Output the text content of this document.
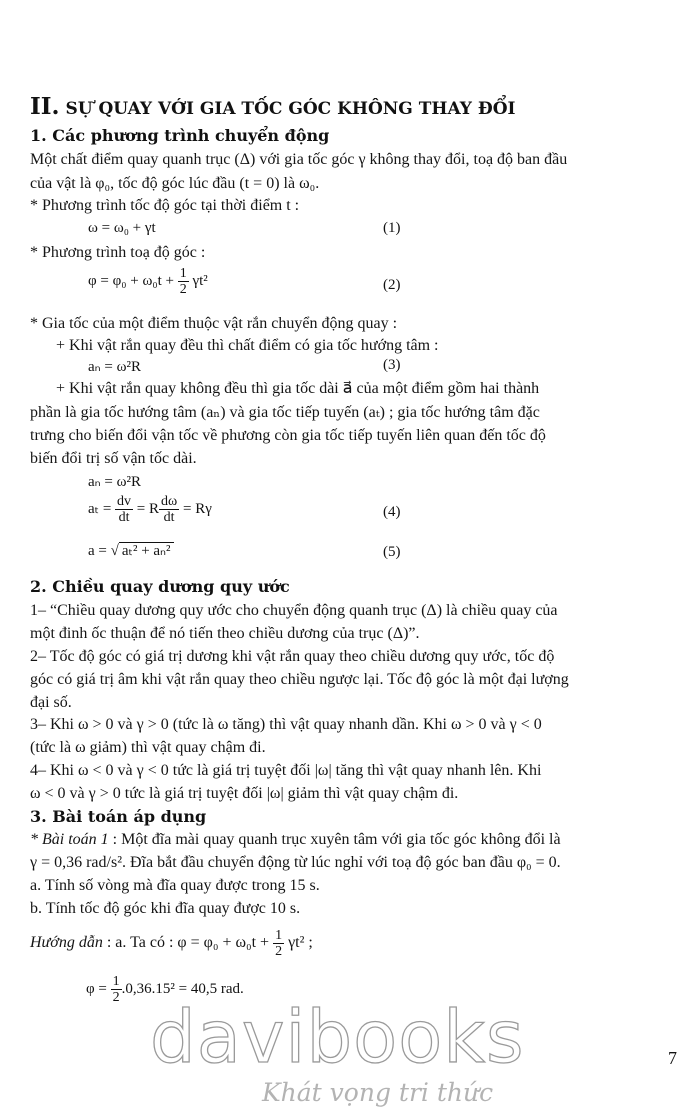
II. SỰ QUAY VỚI GIA TỐC GÓC KHÔNG THAY ĐỔI
1. Các phương trình chuyển động
Một chất điểm quay quanh trục (Δ) với gia tốc góc γ không thay đổi, toạ độ ban đầu
của vật là φ₀, tốc độ góc lúc đầu (t = 0) là ω₀.
* Phương trình tốc độ góc tại thời điểm t :
ω = ω₀ + γt	(1)
* Phương trình toạ độ góc :
$\varphi = \varphi_0 + \omega_0t + \frac{1}{2} \gamma t^2$	(2)
* Gia tốc của một điểm thuộc vật rắn chuyển động quay :
+ Khi vật rắn quay đều thì chất điểm có gia tốc hướng tâm :
aₙ = ω²R	(3)
+ Khi vật rắn quay không đều thì gia tốc dài a⃗ của một điểm gồm hai thành
phần là gia tốc hướng tâm (aₙ) và gia tốc tiếp tuyến (aₜ) ; gia tốc hướng tâm đặc
trưng cho biến đổi vận tốc về phương còn gia tốc tiếp tuyến liên quan đến tốc độ
biến đổi trị số vận tốc dài.
aₙ = ω²R
$a_t = \frac{dv}{dt} = R \frac{d\omega}{dt} = R\gamma$	(4)
a = √ aₜ² + aₙ²	(5)
2. Chiều quay dương quy ước
1– “Chiều quay dương quy ước cho chuyển động quanh trục (Δ) là chiều quay của
một đinh ốc thuận để nó tiến theo chiều dương của trục (Δ)”.
2– Tốc độ góc có giá trị dương khi vật rắn quay theo chiều dương quy ước, tốc độ
góc có giá trị âm khi vật rắn quay theo chiều ngược lại. Tốc độ góc là một đại lượng
đại số.
3– Khi ω > 0 và γ > 0 (tức là ω tăng) thì vật quay nhanh dần. Khi ω > 0 và γ < 0
(tức là ω giảm) thì vật quay chậm đi.
4– Khi ω < 0 và γ < 0 tức là giá trị tuyệt đối |ω| tăng thì vật quay nhanh lên. Khi
ω < 0 và γ > 0 tức là giá trị tuyệt đối |ω| giảm thì vật quay chậm đi.
3. Bài toán áp dụng
* Bài toán 1 : Một đĩa mài quay quanh trục xuyên tâm với gia tốc góc không đổi là
γ = 0,36 rad/s². Đĩa bắt đầu chuyển động từ lúc nghỉ với toạ độ góc ban đầu φ₀ = 0.
a. Tính số vòng mà đĩa quay được trong 15 s.
b. Tính tốc độ góc khi đĩa quay được 10 s.
Hướng dẫn : a. Ta có : $\varphi = \varphi_0 + \omega_0t + \frac{1}{2} \gamma t^2$ ;
$\varphi = \frac{1}{2} .0,36.15^2 = 40,5$ rad.
7
davibooks
Khát vọng tri thức
